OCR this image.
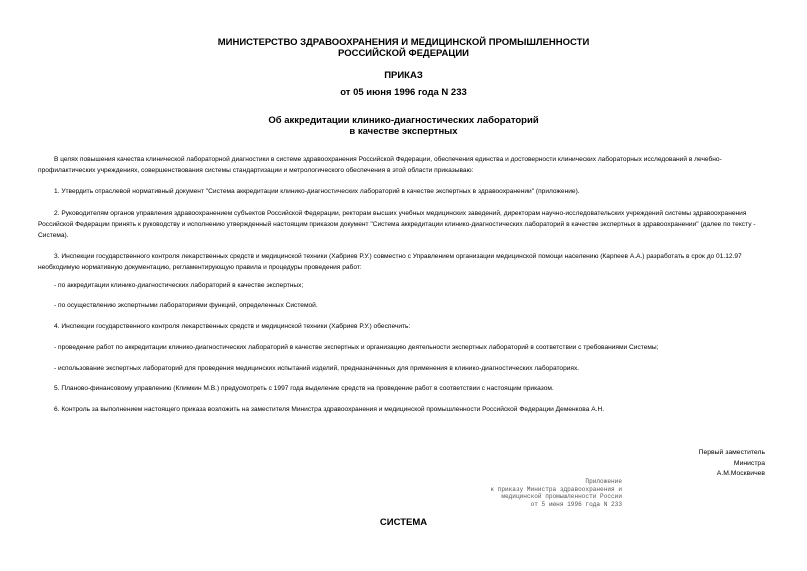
МИНИСТЕРСТВО ЗДРАВООХРАНЕНИЯ И МЕДИЦИНСКОЙ ПРОМЫШЛЕННОСТИ
РОССИЙСКОЙ ФЕДЕРАЦИИ
ПРИКАЗ
от 05 июня 1996 года N 233
Об аккредитации клинико-диагностических лабораторий
в качестве экспертных
В целях повышения качества клинической лабораторной диагностики в системе здравоохранения Российской Федерации, обеспечения единства и достоверности клинических лабораторных исследований в лечебно-профилактических учреждениях, совершенствования системы стандартизации и метрологического обеспечения в этой области приказываю:
1. Утвердить отраслевой нормативный документ "Система аккредитации клинико-диагностических лабораторий в качестве экспертных в здравоохранении" (приложение).
2. Руководителям органов управления здравоохранением субъектов Российской Федерации, ректорам высших учебных медицинских заведений, директорам научно-исследовательских учреждений системы здравоохранения Российской Федерации принять к руководству и исполнению утвержденный настоящим приказом документ "Система аккредитации клинико-диагностических лабораторий в качестве экспертных в здравоохранении" (далее по тексту - Система).
3. Инспекции государственного контроля лекарственных средств и медицинской техники (Хабриев Р.У.) совместно с Управлением организации медицинской помощи населению (Карпеев А.А.) разработать в срок до 01.12.97 необходимую нормативную документацию, регламентирующую правила и процедуры проведения работ:
- по аккредитации клинико-диагностических лабораторий в качестве экспертных;
- по осуществлению экспертными лабораториями функций, определенных Системой.
4. Инспекции государственного контроля лекарственных средств и медицинской техники (Хабриев Р.У.) обеспечить:
- проведение работ по аккредитации клинико-диагностических лабораторий в качестве экспертных и организацию деятельности экспертных лабораторий в соответствии с требованиями Системы;
- использование экспертных лабораторий для проведения медицинских испытаний изделий, предназначенных для применения в клинико-диагностических лабораториях.
5. Планово-финансовому управлению (Климкин М.В.) предусмотреть с 1997 года выделение средств на проведение работ в соответствии с настоящим приказом.
6. Контроль за выполнением настоящего приказа возложить на заместителя Министра здравоохранения и медицинской промышленности Российской Федерации Деменкова А.Н.
Первый заместитель
Министра
А.М.Москвичев
Приложение
к приказу Министра здравоохранения и
медицинской промышленности России
от 5 июня 1996 года N 233
СИСТЕМА
